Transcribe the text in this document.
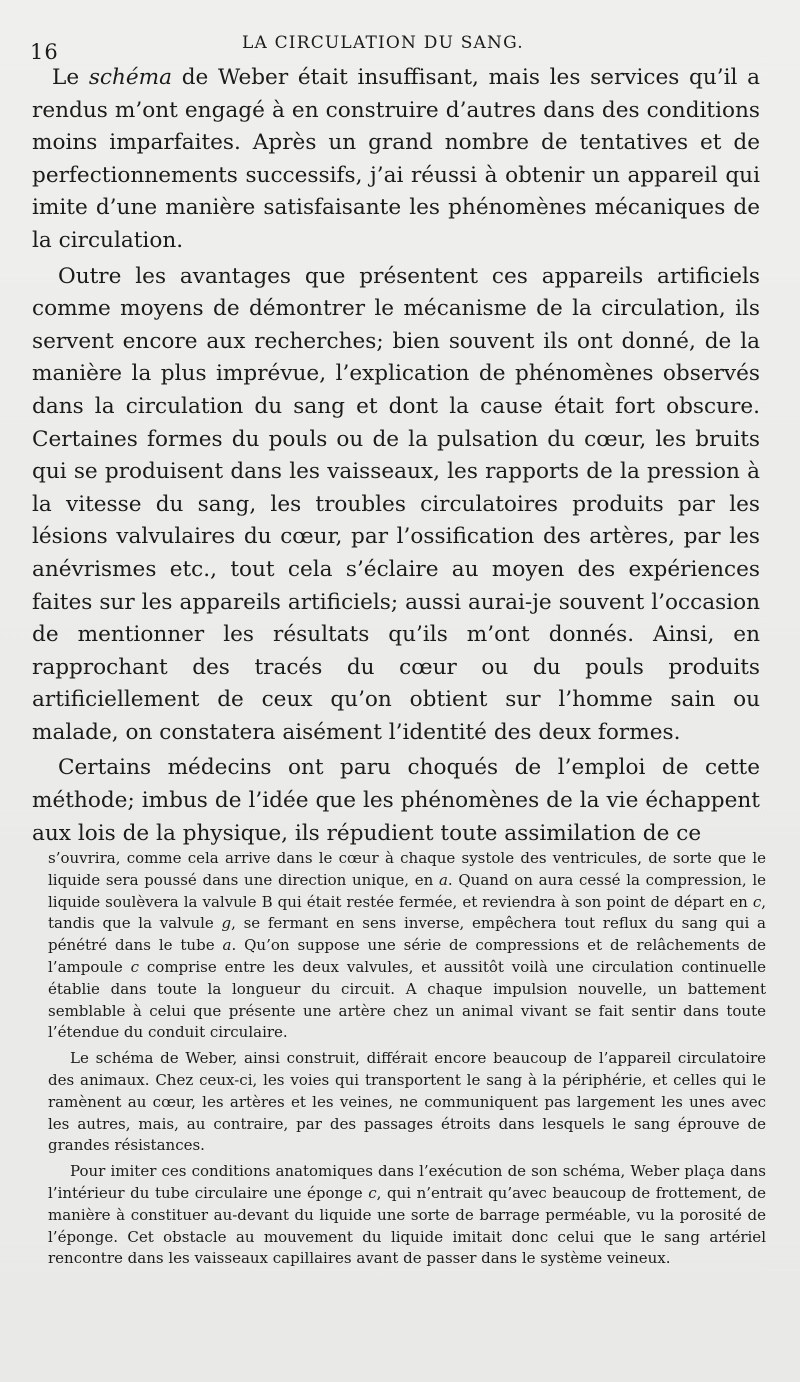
16	LA CIRCULATION DU SANG.

Le schéma de Weber était insuffisant, mais les services qu’il a rendus m’ont engagé à en construire d’autres dans des conditions moins imparfaites. Après un grand nombre de tentatives et de perfectionnements successifs, j’ai réussi à obtenir un appareil qui imite d’une manière satisfaisante les phénomènes mécaniques de la circulation.

Outre les avantages que présentent ces appareils artificiels comme moyens de démontrer le mécanisme de la circulation, ils servent encore aux recherches; bien souvent ils ont donné, de la manière la plus imprévue, l’explication de phénomènes observés dans la circulation du sang et dont la cause était fort obscure. Certaines formes du pouls ou de la pulsation du cœur, les bruits qui se produisent dans les vaisseaux, les rapports de la pression à la vitesse du sang, les troubles circulatoires produits par les lésions valvulaires du cœur, par l’ossification des artères, par les anévrismes etc., tout cela s’éclaire au moyen des expériences faites sur les appareils artificiels; aussi aurai-je souvent l’occasion de mentionner les résultats qu’ils m’ont donnés. Ainsi, en rapprochant des tracés du cœur ou du pouls produits artificiellement de ceux qu’on obtient sur l’homme sain ou malade, on constatera aisément l’identité des deux formes.

Certains médecins ont paru choqués de l’emploi de cette méthode; imbus de l’idée que les phénomènes de la vie échappent aux lois de la physique, ils répudient toute assimilation de ce

s’ouvrira, comme cela arrive dans le cœur à chaque systole des ventricules, de sorte que le liquide sera poussé dans une direction unique, en a. Quand on aura cessé la compression, le liquide soulèvera la valvule B qui était restée fermée, et reviendra à son point de départ en c, tandis que la valvule g, se fermant en sens inverse, empêchera tout reflux du sang qui a pénétré dans le tube a. Qu’on suppose une série de compressions et de relâchements de l’ampoule c comprise entre les deux valvules, et aussitôt voilà une circulation continuelle établie dans toute la longueur du circuit. A chaque impulsion nouvelle, un battement semblable à celui que présente une artère chez un animal vivant se fait sentir dans toute l’étendue du conduit circulaire.

Le schéma de Weber, ainsi construit, différait encore beaucoup de l’appareil circulatoire des animaux. Chez ceux-ci, les voies qui transportent le sang à la périphérie, et celles qui le ramènent au cœur, les artères et les veines, ne communiquent pas largement les unes avec les autres, mais, au contraire, par des passages étroits dans lesquels le sang éprouve de grandes résistances.

Pour imiter ces conditions anatomiques dans l’exécution de son schéma, Weber plaça dans l’intérieur du tube circulaire une éponge c, qui n’entrait qu’avec beaucoup de frottement, de manière à constituer au-devant du liquide une sorte de barrage perméable, vu la porosité de l’éponge. Cet obstacle au mouvement du liquide imitait donc celui que le sang artériel rencontre dans les vaisseaux capillaires avant de passer dans le système veineux.
